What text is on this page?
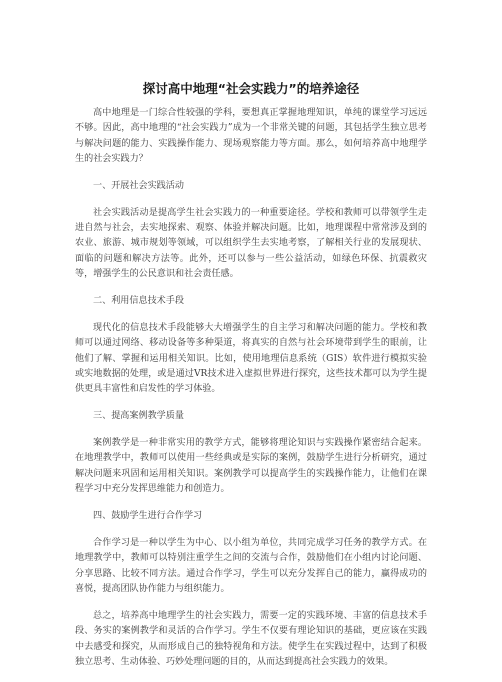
探讨高中地理“社会实践力”的培养途径

高中地理是一门综合性较强的学科，要想真正掌握地理知识，单纯的课堂学习远远不够。因此，高中地理的“社会实践力”成为一个非常关键的问题，其包括学生独立思考与解决问题的能力、实践操作能力、现场观察能力等方面。那么，如何培养高中地理学生的社会实践力？

一、开展社会实践活动

社会实践活动是提高学生社会实践力的一种重要途径。学校和教师可以带领学生走进自然与社会，去实地探索、观察、体验并解决问题。比如，地理课程中常常涉及到的农业、旅游、城市规划等领域，可以组织学生去实地考察，了解相关行业的发展现状、面临的问题和解决方法等。此外，还可以参与一些公益活动，如绿色环保、抗震救灾等，增强学生的公民意识和社会责任感。

二、利用信息技术手段

现代化的信息技术手段能够大大增强学生的自主学习和解决问题的能力。学校和教师可以通过网络、移动设备等多种渠道，将真实的自然与社会环境带到学生的眼前，让他们了解、掌握和运用相关知识。比如，使用地理信息系统（GIS）软件进行模拟实验或实地数据的处理，或是通过VR技术进入虚拟世界进行探究，这些技术都可以为学生提供更具丰富性和启发性的学习体验。

三、提高案例教学质量

案例教学是一种非常实用的教学方式，能够将理论知识与实践操作紧密结合起来。在地理教学中，教师可以使用一些经典或是实际的案例，鼓励学生进行分析研究，通过解决问题来巩固和运用相关知识。案例教学可以提高学生的实践操作能力，让他们在课程学习中充分发挥思维能力和创造力。

四、鼓励学生进行合作学习

合作学习是一种以学生为中心、以小组为单位，共同完成学习任务的教学方式。在地理教学中，教师可以特别注重学生之间的交流与合作，鼓励他们在小组内讨论问题、分享思路、比较不同方法。通过合作学习，学生可以充分发挥自己的能力，赢得成功的喜悦，提高团队协作能力与组织能力。

总之，培养高中地理学生的社会实践力，需要一定的实践环境、丰富的信息技术手段、务实的案例教学和灵活的合作学习。学生不仅要有理论知识的基础，更应该在实践中去感受和探究，从而形成自己的独特视角和方法。使学生在实践过程中，达到了积极独立思考、生动体验、巧妙处理问题的目的，从而达到提高社会实践力的效果。
